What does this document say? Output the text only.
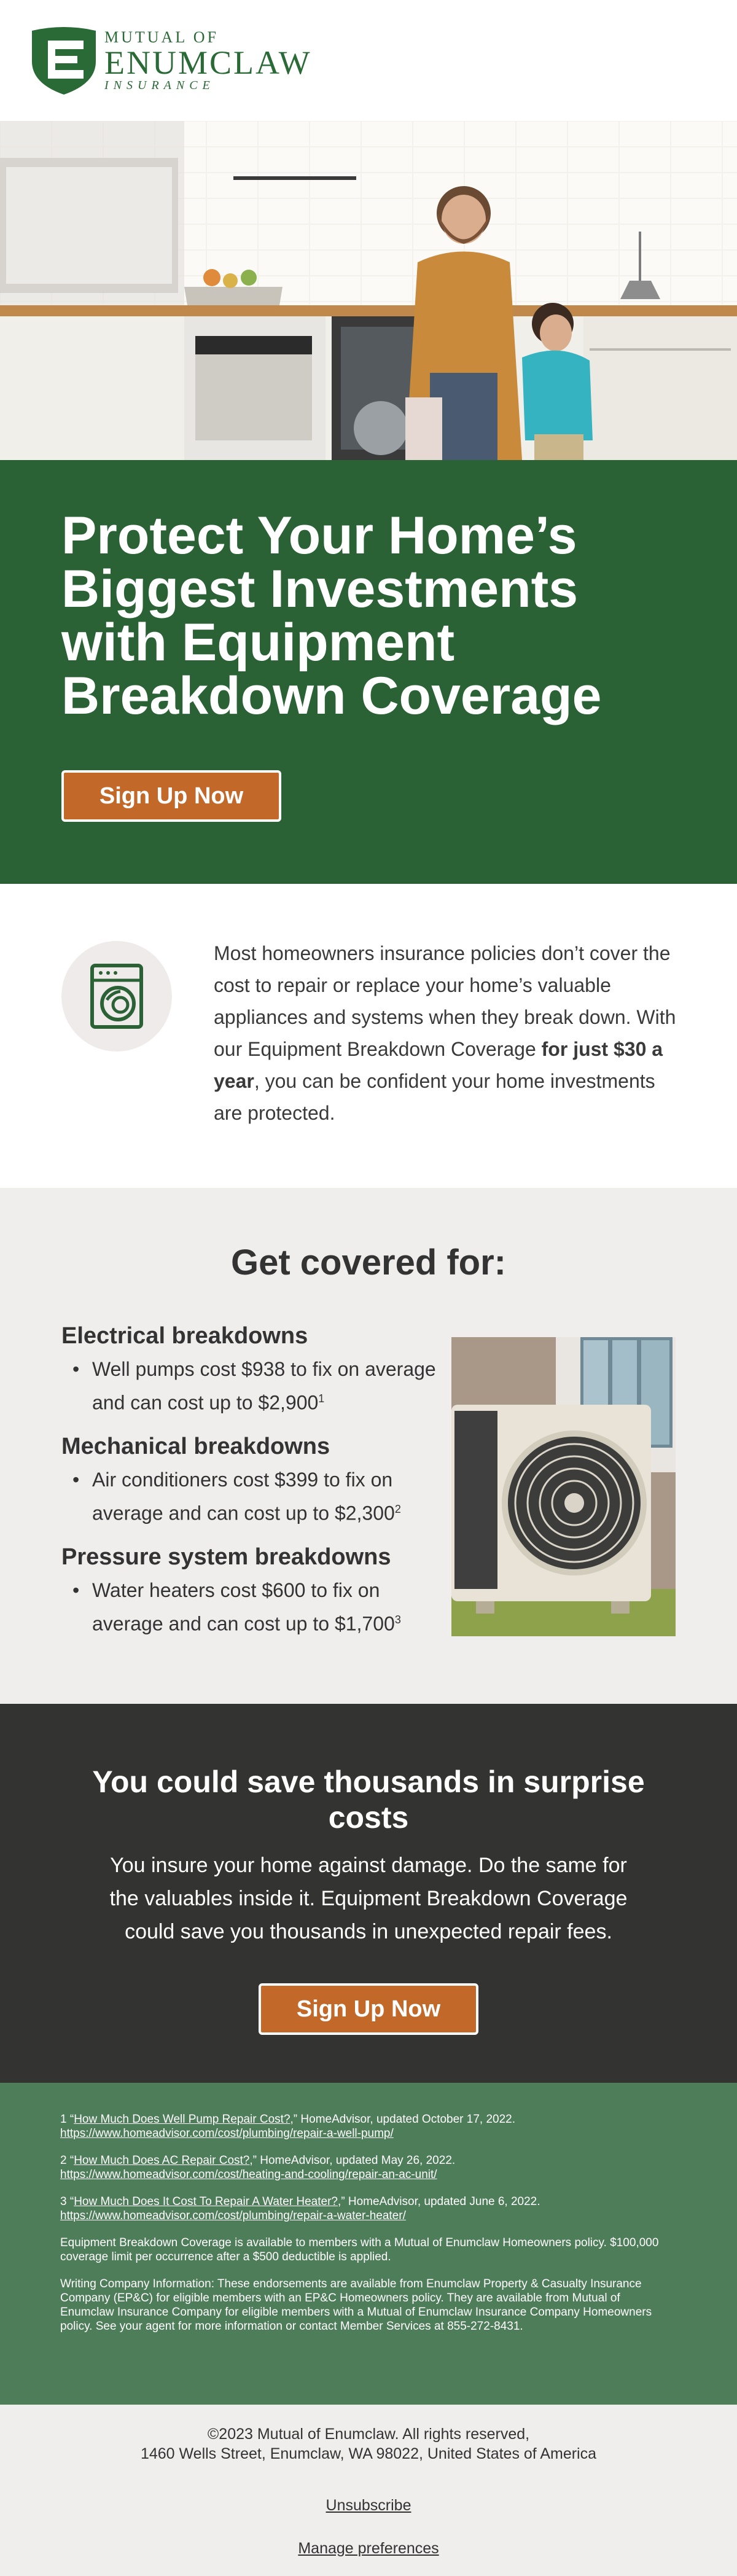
MUTUAL OF
ENUMCLAW
INSURANCE
Protect Your Home’s Biggest Investments with Equipment Breakdown Coverage
Sign Up Now

Most homeowners insurance policies don’t cover the cost to repair or replace your home’s valuable appliances and systems when they break down. With our Equipment Breakdown Coverage for just $30 a year, you can be confident your home investments are protected.

Get covered for:
Electrical breakdowns
• Well pumps cost $938 to fix on average and can cost up to $2,900$^1$
Mechanical breakdowns
• Air conditioners cost $399 to fix on average and can cost up to $2,300$^2$
Pressure system breakdowns
• Water heaters cost $600 to fix on average and can cost up to $1,700$^3$
You could save thousands in surprise costs

You insure your home against damage. Do the same for the valuables inside it. Equipment Breakdown Coverage could save you thousands in unexpected repair fees.

Sign Up Now

1 “How Much Does Well Pump Repair Cost?,” HomeAdvisor, updated October 17, 2022. https://www.homeadvisor.com/cost/plumbing/repair-a-well-pump/

2 “How Much Does AC Repair Cost?,” HomeAdvisor, updated May 26, 2022. https://www.homeadvisor.com/cost/heating-and-cooling/repair-an-ac-unit/

3 “How Much Does It Cost To Repair A Water Heater?,” HomeAdvisor, updated June 6, 2022. https://www.homeadvisor.com/cost/plumbing/repair-a-water-heater/

Equipment Breakdown Coverage is available to members with a Mutual of Enumclaw Homeowners policy. $100,000 coverage limit per occurrence after a $500 deductible is applied.

Writing Company Information: These endorsements are available from Enumclaw Property & Casualty Insurance Company (EP&C) for eligible members with an EP&C Homeowners policy. They are available from Mutual of Enumclaw Insurance Company for eligible members with a Mutual of Enumclaw Insurance Company Homeowners policy. See your agent for more information or contact Member Services at 855-272-8431.

©2023 Mutual of Enumclaw. All rights reserved,
1460 Wells Street, Enumclaw, WA 98022, United States of America
Unsubscribe
Manage preferences
